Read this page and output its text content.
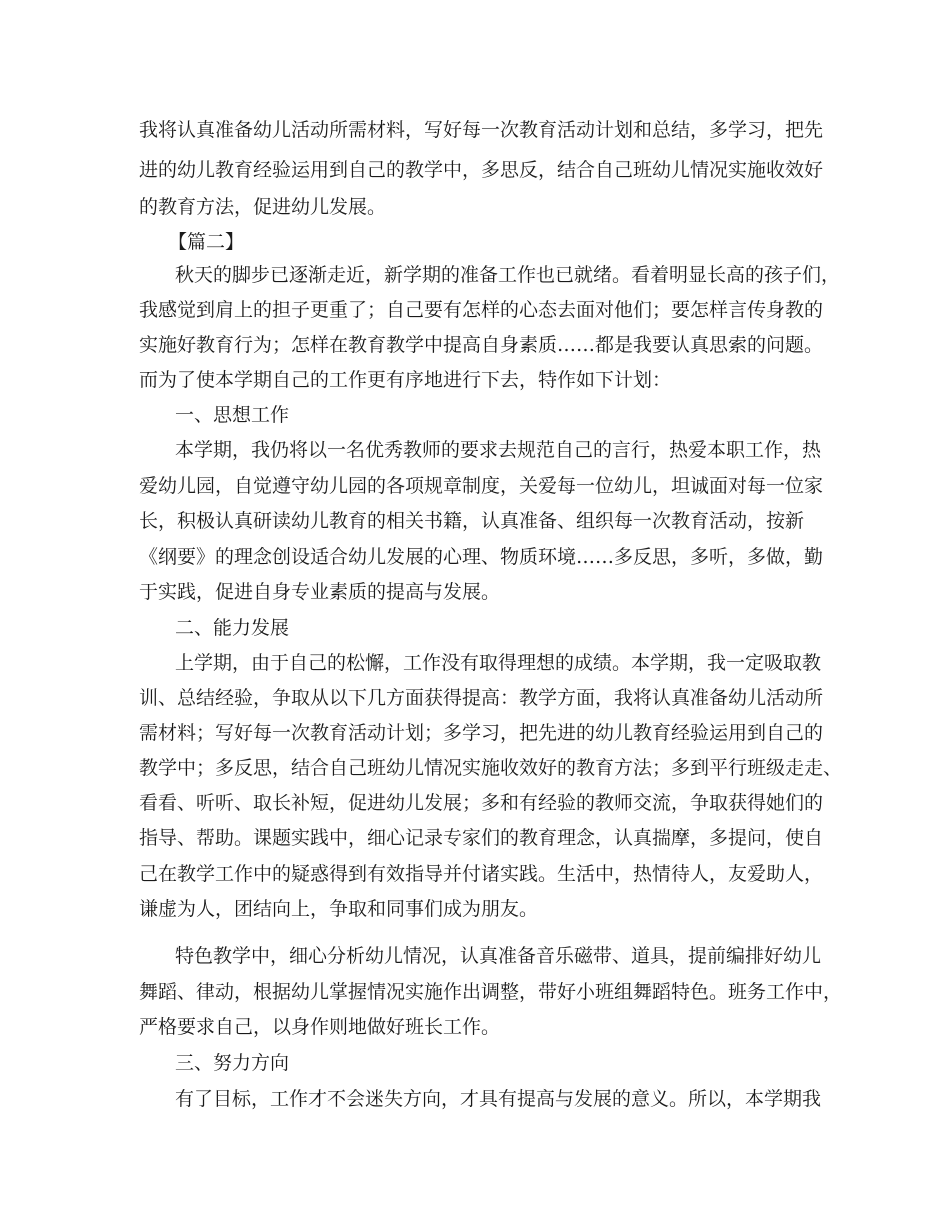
我将认真准备幼儿活动所需材料，写好每一次教育活动计划和总结，多学习，把先
进的幼儿教育经验运用到自己的教学中，多思反，结合自己班幼儿情况实施收效好
的教育方法，促进幼儿发展。
【篇二】
秋天的脚步已逐渐走近，新学期的准备工作也已就绪。看着明显长高的孩子们，
我感觉到肩上的担子更重了；自己要有怎样的心态去面对他们；要怎样言传身教的
实施好教育行为；怎样在教育教学中提高自身素质……都是我要认真思索的问题。
而为了使本学期自己的工作更有序地进行下去，特作如下计划：
一、思想工作
本学期，我仍将以一名优秀教师的要求去规范自己的言行，热爱本职工作，热
爱幼儿园，自觉遵守幼儿园的各项规章制度，关爱每一位幼儿，坦诚面对每一位家
长，积极认真研读幼儿教育的相关书籍，认真准备、组织每一次教育活动，按新
《纲要》的理念创设适合幼儿发展的心理、物质环境……多反思，多听，多做，勤
于实践，促进自身专业素质的提高与发展。
二、能力发展
上学期，由于自己的松懈，工作没有取得理想的成绩。本学期，我一定吸取教
训、总结经验，争取从以下几方面获得提高：教学方面，我将认真准备幼儿活动所
需材料；写好每一次教育活动计划；多学习，把先进的幼儿教育经验运用到自己的
教学中；多反思，结合自己班幼儿情况实施收效好的教育方法；多到平行班级走走、
看看、听听、取长补短，促进幼儿发展；多和有经验的教师交流，争取获得她们的
指导、帮助。课题实践中，细心记录专家们的教育理念，认真揣摩，多提问，使自
己在教学工作中的疑惑得到有效指导并付诸实践。生活中，热情待人，友爱助人，
谦虚为人，团结向上，争取和同事们成为朋友。
特色教学中，细心分析幼儿情况，认真准备音乐磁带、道具，提前编排好幼儿
舞蹈、律动，根据幼儿掌握情况实施作出调整，带好小班组舞蹈特色。班务工作中，
严格要求自己，以身作则地做好班长工作。
三、努力方向
有了目标，工作才不会迷失方向，才具有提高与发展的意义。所以，本学期我
